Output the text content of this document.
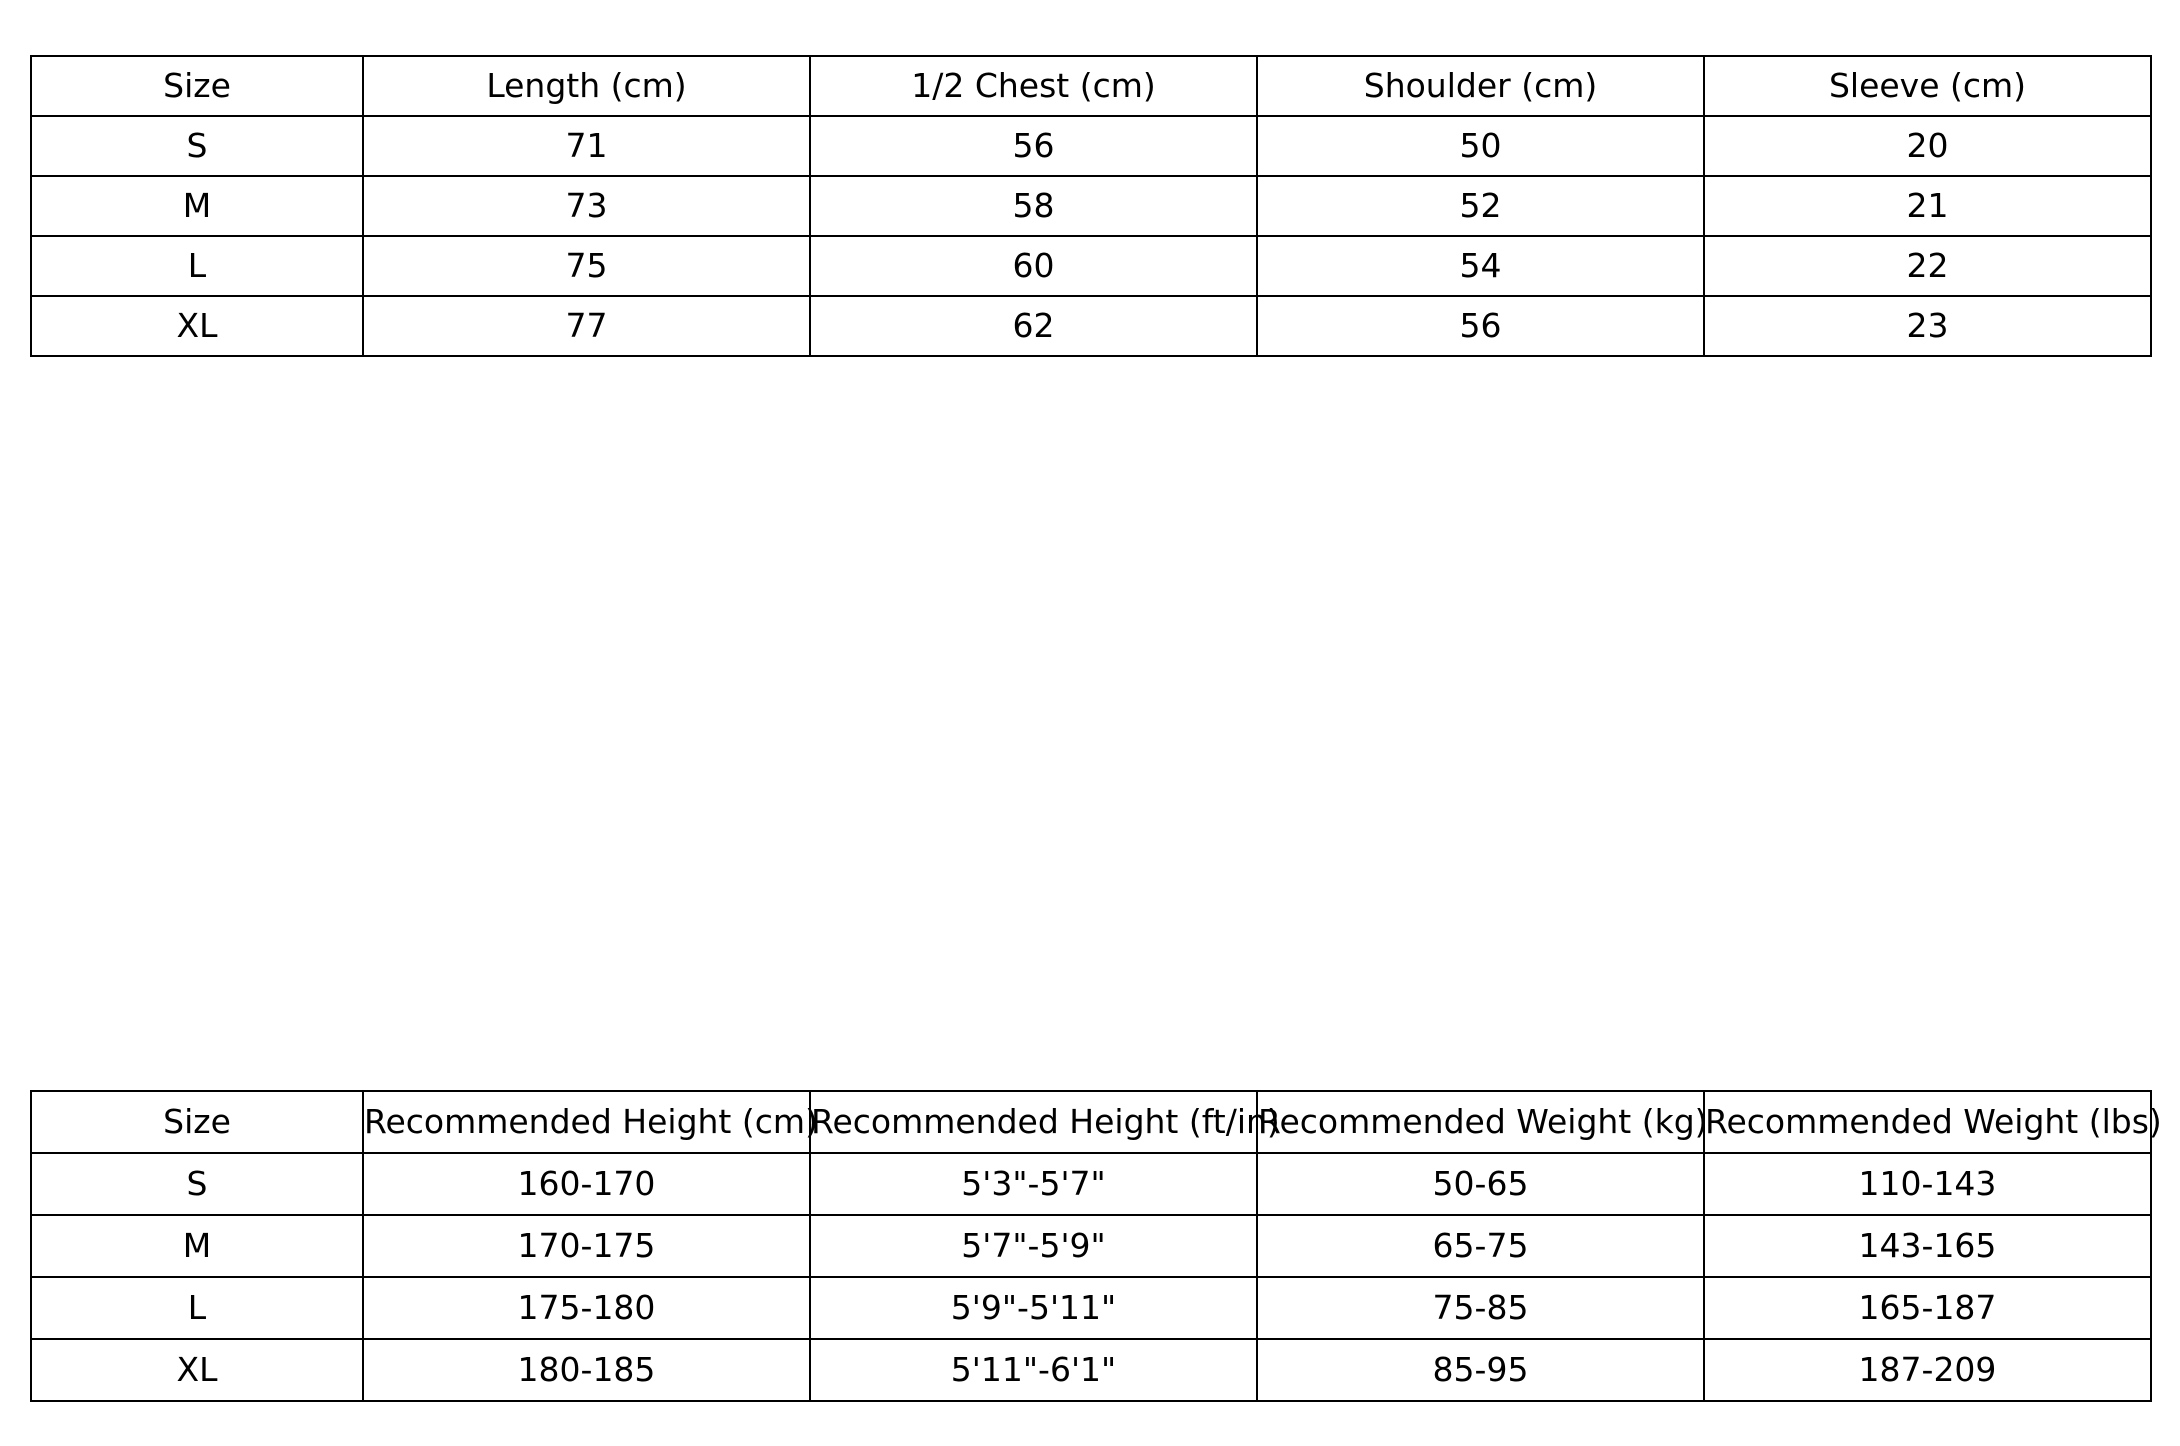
Size	Length (cm)	1/2 Chest (cm)	Shoulder (cm)	Sleeve (cm)
S	71	56	50	20
M	73	58	52	21
L	75	60	54	22
XL	77	62	56	23
Size	Recommended Height (cm)	Recommended Height (ft/in)	Recommended Weight (kg)	Recommended Weight (lbs)

S	160-170	5'3"-5'7"	50-65	110-143
M	170-175	5'7"-5'9"	65-75	143-165
L	175-180	5'9"-5'11"	75-85	165-187
XL	180-185	5'11"-6'1"	85-95	187-209
